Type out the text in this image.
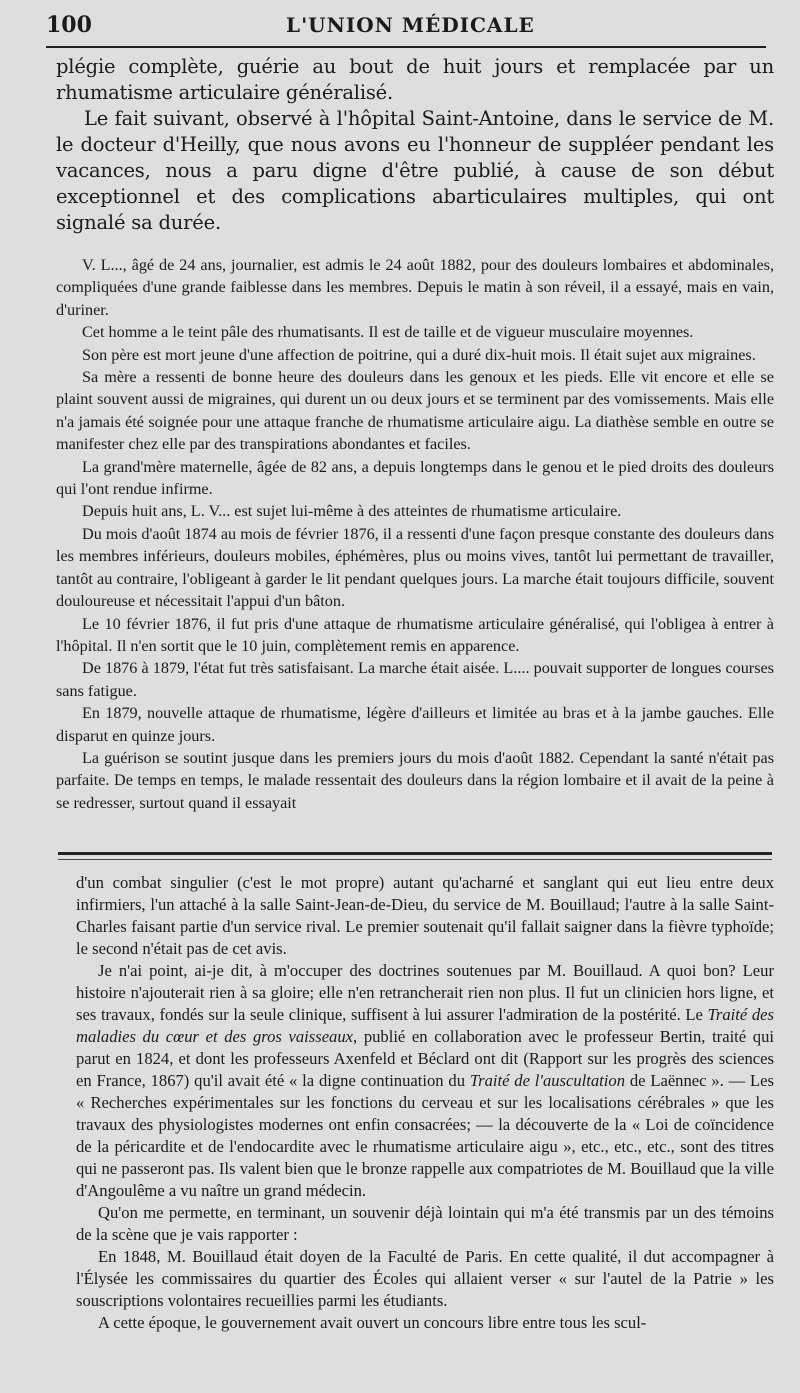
100	L'UNION MÉDICALE

plégie complète, guérie au bout de huit jours et remplacée par un rhumatisme articulaire généralisé.

Le fait suivant, observé à l'hôpital Saint-Antoine, dans le service de M. le docteur d'Heilly, que nous avons eu l'honneur de suppléer pendant les vacances, nous a paru digne d'être publié, à cause de son début exceptionnel et des complications abarticulaires multiples, qui ont signalé sa durée.

V. L..., âgé de 24 ans, journalier, est admis le 24 août 1882, pour des douleurs lombaires et abdominales, compliquées d'une grande faiblesse dans les membres. Depuis le matin à son réveil, il a essayé, mais en vain, d'uriner.

Cet homme a le teint pâle des rhumatisants. Il est de taille et de vigueur musculaire moyennes.

Son père est mort jeune d'une affection de poitrine, qui a duré dix-huit mois. Il était sujet aux migraines.

Sa mère a ressenti de bonne heure des douleurs dans les genoux et les pieds. Elle vit encore et elle se plaint souvent aussi de migraines, qui durent un ou deux jours et se terminent par des vomissements. Mais elle n'a jamais été soignée pour une attaque franche de rhumatisme articulaire aigu. La diathèse semble en outre se manifester chez elle par des transpirations abondantes et faciles.

La grand'mère maternelle, âgée de 82 ans, a depuis longtemps dans le genou et le pied droits des douleurs qui l'ont rendue infirme.

Depuis huit ans, L. V... est sujet lui-même à des atteintes de rhumatisme articulaire.

Du mois d'août 1874 au mois de février 1876, il a ressenti d'une façon presque constante des douleurs dans les membres inférieurs, douleurs mobiles, éphémères, plus ou moins vives, tantôt lui permettant de travailler, tantôt au contraire, l'obligeant à garder le lit pendant quelques jours. La marche était toujours difficile, souvent douloureuse et nécessitait l'appui d'un bâton.

Le 10 février 1876, il fut pris d'une attaque de rhumatisme articulaire généralisé, qui l'obligea à entrer à l'hôpital. Il n'en sortit que le 10 juin, complètement remis en apparence.

De 1876 à 1879, l'état fut très satisfaisant. La marche était aisée. L.... pouvait supporter de longues courses sans fatigue.

En 1879, nouvelle attaque de rhumatisme, légère d'ailleurs et limitée au bras et à la jambe gauches. Elle disparut en quinze jours.

La guérison se soutint jusque dans les premiers jours du mois d'août 1882. Cependant la santé n'était pas parfaite. De temps en temps, le malade ressentait des douleurs dans la région lombaire et il avait de la peine à se redresser, surtout quand il essayait

d'un combat singulier (c'est le mot propre) autant qu'acharné et sanglant qui eut lieu entre deux infirmiers, l'un attaché à la salle Saint-Jean-de-Dieu, du service de M. Bouillaud; l'autre à la salle Saint-Charles faisant partie d'un service rival. Le premier soutenait qu'il fallait saigner dans la fièvre typhoïde; le second n'était pas de cet avis.

Je n'ai point, ai-je dit, à m'occuper des doctrines soutenues par M. Bouillaud. A quoi bon? Leur histoire n'ajouterait rien à sa gloire; elle n'en retrancherait rien non plus. Il fut un clinicien hors ligne, et ses travaux, fondés sur la seule clinique, suffisent à lui assurer l'admiration de la postérité. Le Traité des maladies du cœur et des gros vaisseaux, publié en collaboration avec le professeur Bertin, traité qui parut en 1824, et dont les professeurs Axenfeld et Béclard ont dit (Rapport sur les progrès des sciences en France, 1867) qu'il avait été « la digne continuation du Traité de l'auscultation de Laënnec ». — Les « Recherches expérimentales sur les fonctions du cerveau et sur les localisations cérébrales » que les travaux des physiologistes modernes ont enfin consacrées; — la découverte de la « Loi de coïncidence de la péricardite et de l'endocardite avec le rhumatisme articulaire aigu », etc., etc., etc., sont des titres qui ne passeront pas. Ils valent bien que le bronze rappelle aux compatriotes de M. Bouillaud que la ville d'Angoulême a vu naître un grand médecin.

Qu'on me permette, en terminant, un souvenir déjà lointain qui m'a été transmis par un des témoins de la scène que je vais rapporter :

En 1848, M. Bouillaud était doyen de la Faculté de Paris. En cette qualité, il dut accompagner à l'Élysée les commissaires du quartier des Écoles qui allaient verser « sur l'autel de la Patrie » les souscriptions volontaires recueillies parmi les étudiants.

A cette époque, le gouvernement avait ouvert un concours libre entre tous les scul-
